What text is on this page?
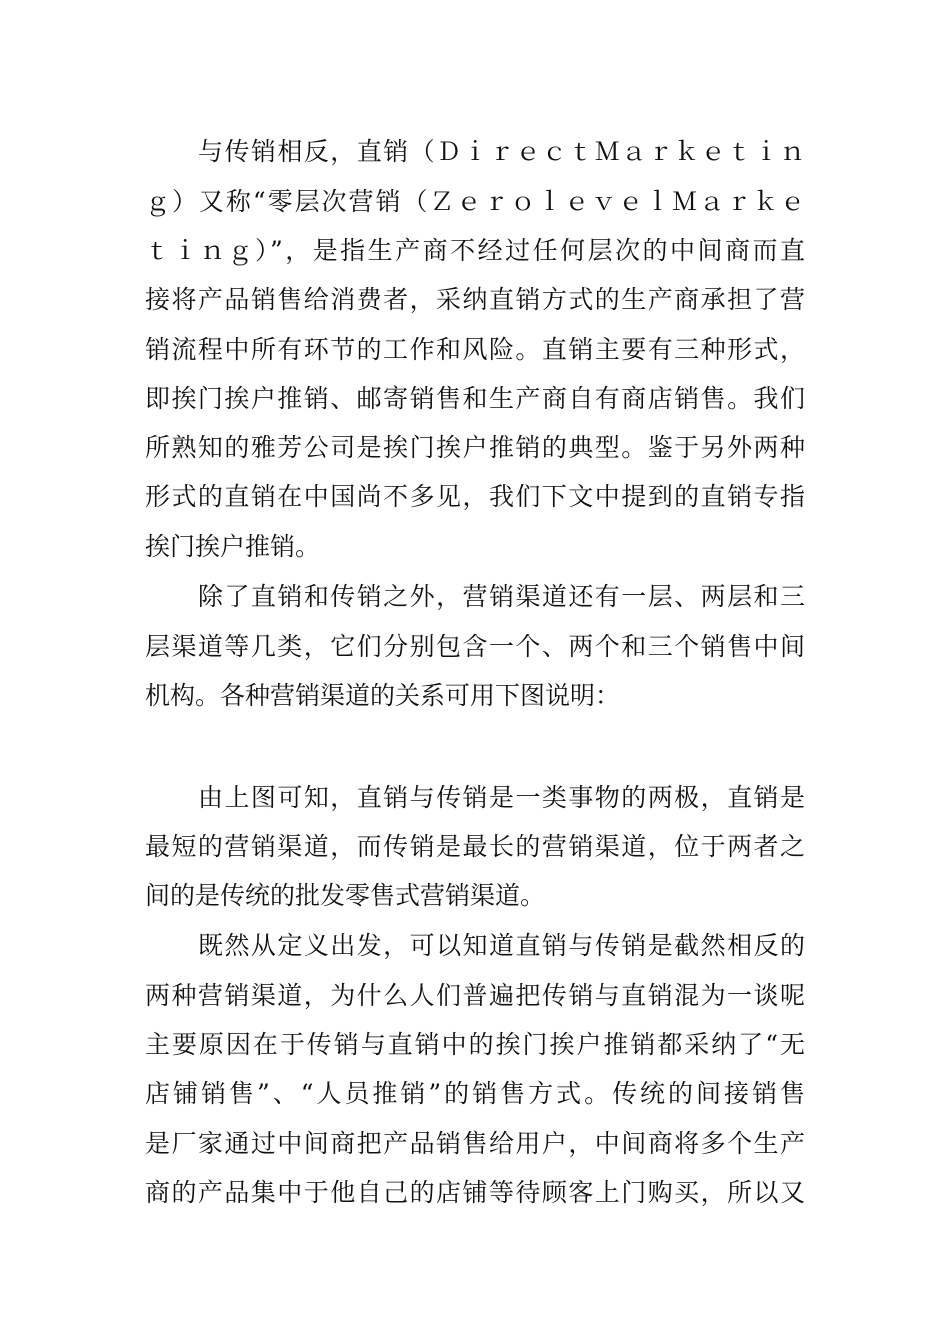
与传销相反，直销（ＤｉｒｅｃｔＭａｒｋｅｔｉｎ
ｇ）又称“零层次营销（ＺｅｒｏｌｅｖｅｌＭａｒｋｅ
ｔｉｎｇ）”，是指生产商不经过任何层次的中间商而直
接将产品销售给消费者，采纳直销方式的生产商承担了营
销流程中所有环节的工作和风险。直销主要有三种形式，
即挨门挨户推销、邮寄销售和生产商自有商店销售。我们
所熟知的雅芳公司是挨门挨户推销的典型。鉴于另外两种
形式的直销在中国尚不多见，我们下文中提到的直销专指
挨门挨户推销。
除了直销和传销之外，营销渠道还有一层、两层和三
层渠道等几类，它们分别包含一个、两个和三个销售中间
机构。各种营销渠道的关系可用下图说明：
由上图可知，直销与传销是一类事物的两极，直销是
最短的营销渠道，而传销是最长的营销渠道，位于两者之
间的是传统的批发零售式营销渠道。
既然从定义出发，可以知道直销与传销是截然相反的
两种营销渠道，为什么人们普遍把传销与直销混为一谈呢
主要原因在于传销与直销中的挨门挨户推销都采纳了“无
店铺销售”、“人员推销”的销售方式。传统的间接销售
是厂家通过中间商把产品销售给用户，中间商将多个生产
商的产品集中于他自己的店铺等待顾客上门购买，所以又
